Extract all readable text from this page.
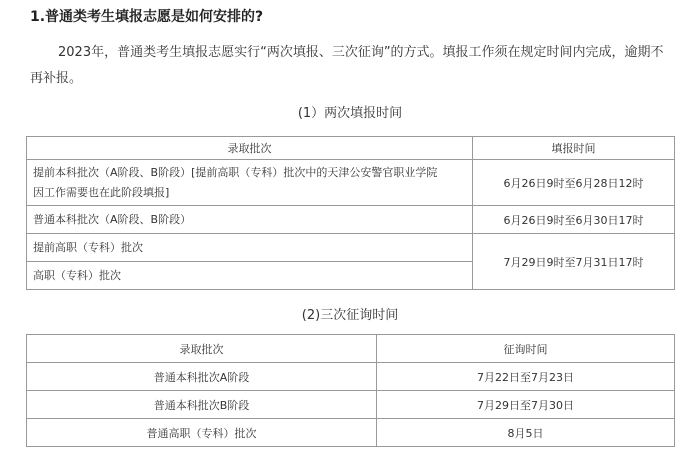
1.普通类考生填报志愿是如何安排的?
2023年，普通类考生填报志愿实行“两次填报、三次征询”的方式。填报工作须在规定时间内完成，逾期不
再补报。
(1）两次填报时间
录取批次	填报时间
提前本科批次（A阶段、B阶段）[提前高职（专科）批次中的天津公安警官职业学院
因工作需要也在此阶段填报]	6月26日9时至6月28日12时
普通本科批次（A阶段、B阶段）	6月26日9时至6月30日17时
提前高职（专科）批次	7月29日9时至7月31日17时
高职（专科）批次	
(2)三次征询时间
录取批次	征询时间
普通本科批次A阶段	7月22日至7月23日
普通本科批次B阶段	7月29日至7月30日
普通高职（专科）批次	8月5日
